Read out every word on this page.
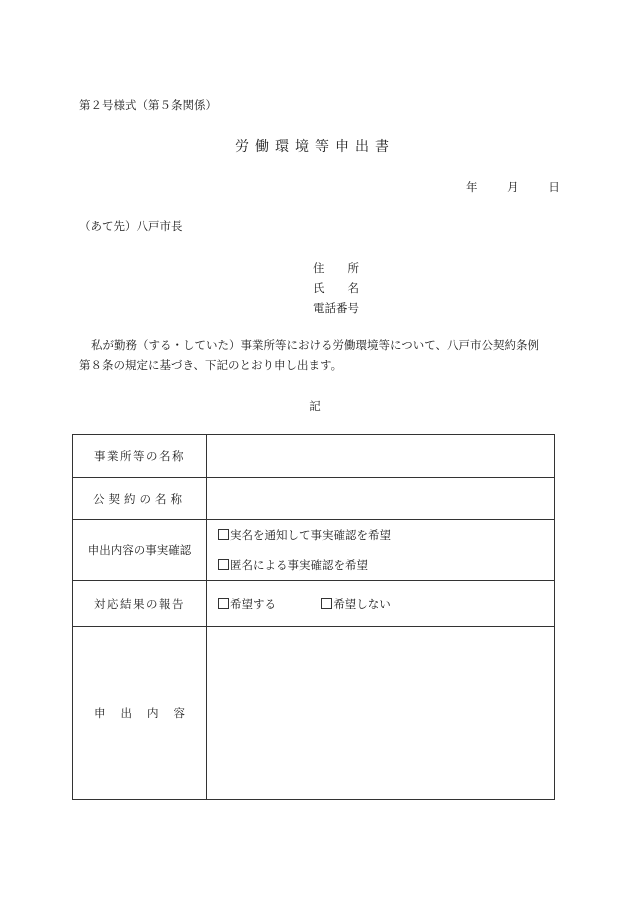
第２号様式（第５条関係）
労働環境等申出書
年	月	日
（あて先）八戸市長
住　所
氏　名
電話番号
私が勤務（する・していた）事業所等における労働環境等について、八戸市公契約条例
第８条の規定に基づき、下記のとおり申し出ます。
記
事業所等の名称	
公契約の名称	
申出内容の事実確認	実名を通知して事実確認を希望
匿名による事実確認を希望

対応結果の報告	希望する 希望しない
申出内容	
